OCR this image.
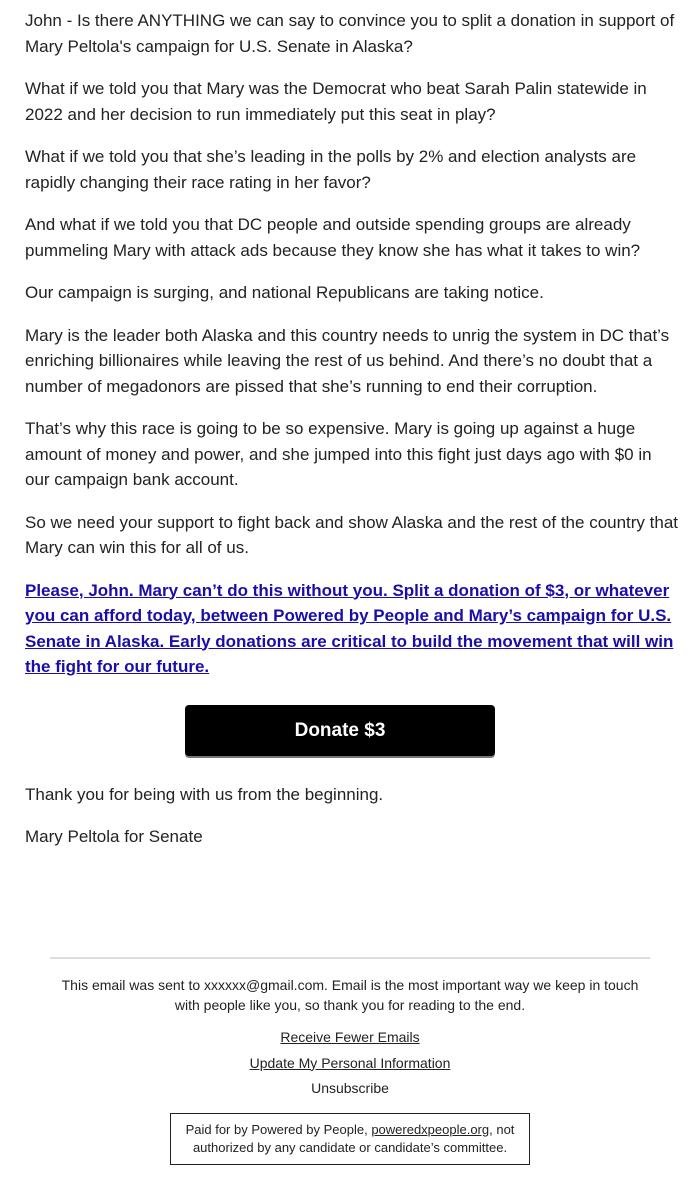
John - Is there ANYTHING we can say to convince you to split a donation in support of Mary Peltola's campaign for U.S. Senate in Alaska?

What if we told you that Mary was the Democrat who beat Sarah Palin statewide in 2022 and her decision to run immediately put this seat in play?

What if we told you that she’s leading in the polls by 2% and election analysts are rapidly changing their race rating in her favor?

And what if we told you that DC people and outside spending groups are already pummeling Mary with attack ads because they know she has what it takes to win?

Our campaign is surging, and national Republicans are taking notice.

Mary is the leader both Alaska and this country needs to unrig the system in DC that’s enriching billionaires while leaving the rest of us behind. And there’s no doubt that a number of megadonors are pissed that she’s running to end their corruption.

That’s why this race is going to be so expensive. Mary is going up against a huge amount of money and power, and she jumped into this fight just days ago with $0 in our campaign bank account.

So we need your support to fight back and show Alaska and the rest of the country that Mary can win this for all of us.

Please, John. Mary can’t do this without you. Split a donation of $3, or whatever you can afford today, between Powered by People and Mary’s campaign for U.S. Senate in Alaska. Early donations are critical to build the movement that will win the fight for our future.
Donate $3

Thank you for being with us from the beginning.

Mary Peltola for Senate

This email was sent to xxxxxx@gmail.com. Email is the most important way we keep in touch with people like you, so thank you for reading to the end.

Receive Fewer Emails
Update My Personal Information
Unsubscribe
Paid for by Powered by People, poweredxpeople.org, not authorized by any candidate or candidate’s committee.
